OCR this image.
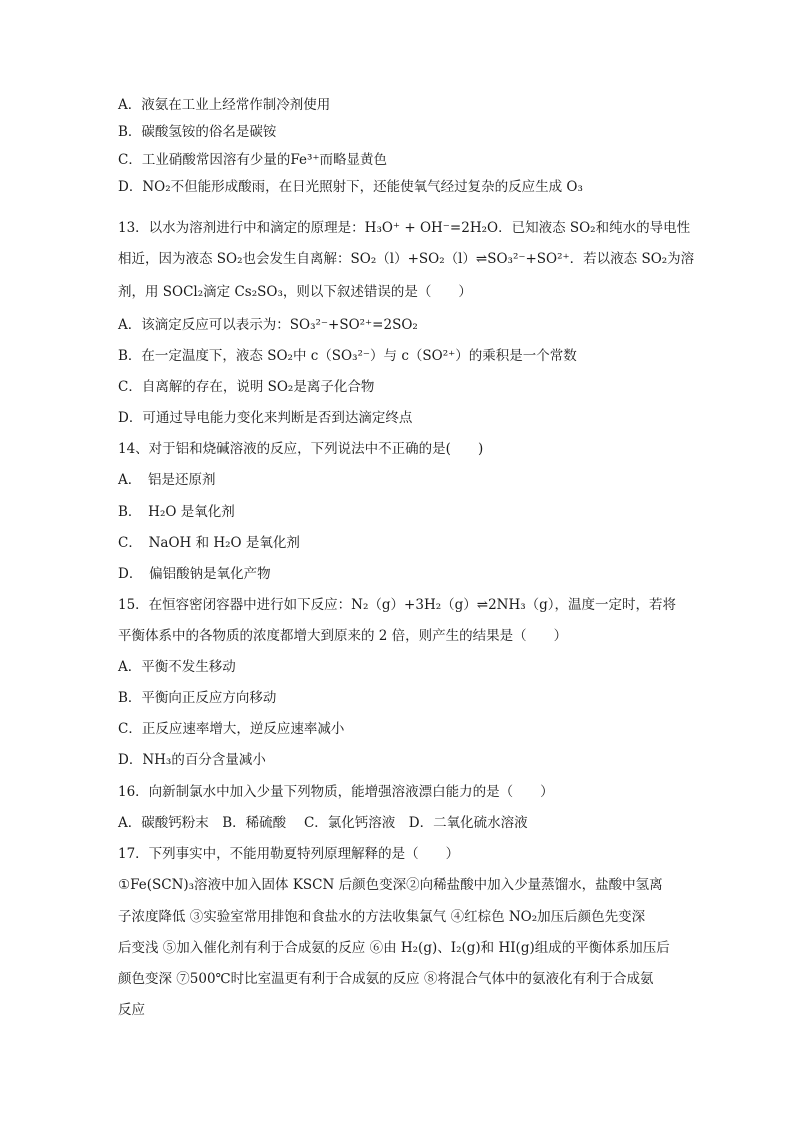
A．液氨在工业上经常作制冷剂使用
B．碳酸氢铵的俗名是碳铵
C．工业硝酸常因溶有少量的Fe³⁺而略显黄色
D．NO₂不但能形成酸雨，在日光照射下，还能使氧气经过复杂的反应生成 O₃
13．以水为溶剂进行中和滴定的原理是：H₃O⁺ + OH⁻=2H₂O．已知液态 SO₂和纯水的导电性
相近，因为液态 SO₂也会发生自离解：SO₂（l）+SO₂（l）⇌SO₃²⁻+SO²⁺．若以液态 SO₂为溶
剂，用 SOCl₂滴定 Cs₂SO₃，则以下叙述错误的是（　　）
A．该滴定反应可以表示为：SO₃²⁻+SO²⁺=2SO₂
B．在一定温度下，液态 SO₂中 c（SO₃²⁻）与 c（SO²⁺）的乘积是一个常数
C．自离解的存在，说明 SO₂是离子化合物
D．可通过导电能力变化来判断是否到达滴定终点
14、对于铝和烧碱溶液的反应，下列说法中不正确的是(　　)
A．　铝是还原剂
B．　H₂O 是氧化剂
C．　NaOH 和 H₂O 是氧化剂
D．　偏铝酸钠是氧化产物
15．在恒容密闭容器中进行如下反应：N₂（g）+3H₂（g）⇌2NH₃（g），温度一定时，若将
平衡体系中的各物质的浓度都增大到原来的 2 倍，则产生的结果是（　　）
A．平衡不发生移动
B．平衡向正反应方向移动
C．正反应速率增大，逆反应速率减小
D．NH₃的百分含量减小
16．向新制氯水中加入少量下列物质，能增强溶液漂白能力的是（　　）
A．碳酸钙粉末　B．稀硫酸　 C．氯化钙溶液　D．二氧化硫水溶液
17．下列事实中，不能用勒夏特列原理解释的是（　　）
①Fe(SCN)₃溶液中加入固体 KSCN 后颜色变深②向稀盐酸中加入少量蒸馏水，盐酸中氢离
子浓度降低 ③实验室常用排饱和食盐水的方法收集氯气 ④红棕色 NO₂加压后颜色先变深
后变浅 ⑤加入催化剂有利于合成氨的反应 ⑥由 H₂(g)、I₂(g)和 HI(g)组成的平衡体系加压后
颜色变深 ⑦500℃时比室温更有利于合成氨的反应 ⑧将混合气体中的氨液化有利于合成氨
反应
